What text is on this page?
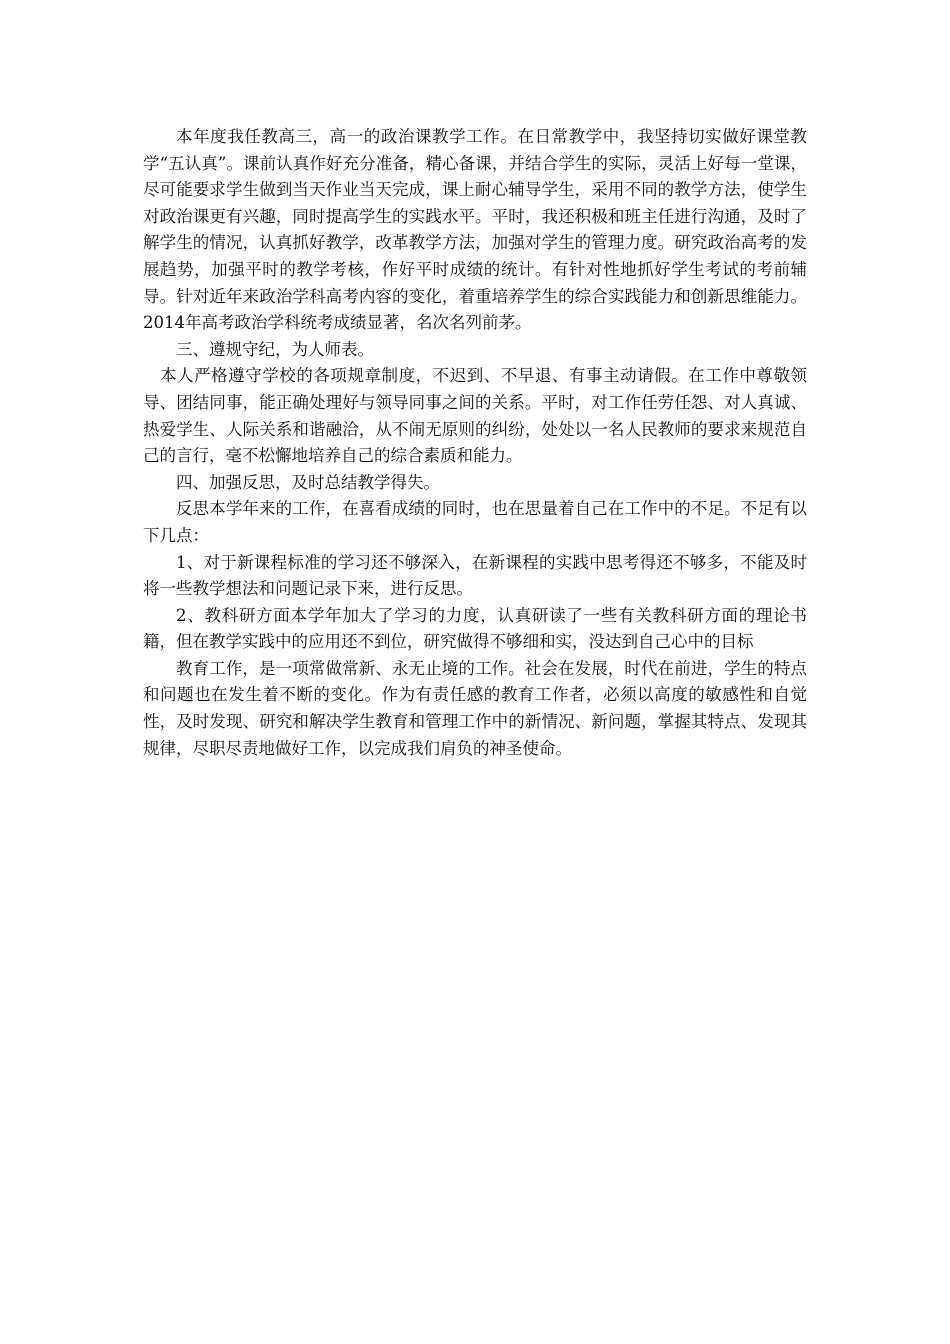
本年度我任教高三，高一的政治课教学工作。在日常教学中，我坚持切实做好课堂教学“五认真”。课前认真作好充分准备，精心备课，并结合学生的实际，灵活上好每一堂课，尽可能要求学生做到当天作业当天完成，课上耐心辅导学生，采用不同的教学方法，使学生对政治课更有兴趣，同时提高学生的实践水平。平时，我还积极和班主任进行沟通，及时了解学生的情况，认真抓好教学，改革教学方法，加强对学生的管理力度。研究政治高考的发展趋势，加强平时的教学考核，作好平时成绩的统计。有针对性地抓好学生考试的考前辅导。针对近年来政治学科高考内容的变化，着重培养学生的综合实践能力和创新思维能力。2014年高考政治学科统考成绩显著，名次名列前茅。

三、遵规守纪，为人师表。

本人严格遵守学校的各项规章制度，不迟到、不早退、有事主动请假。在工作中尊敬领导、团结同事，能正确处理好与领导同事之间的关系。平时，对工作任劳任怨、对人真诚、热爱学生、人际关系和谐融洽，从不闹无原则的纠纷，处处以一名人民教师的要求来规范自己的言行，毫不松懈地培养自己的综合素质和能力。

四、加强反思，及时总结教学得失。

反思本学年来的工作，在喜看成绩的同时，也在思量着自己在工作中的不足。不足有以下几点：

1、对于新课程标准的学习还不够深入，在新课程的实践中思考得还不够多，不能及时将一些教学想法和问题记录下来，进行反思。

2、教科研方面本学年加大了学习的力度，认真研读了一些有关教科研方面的理论书籍，但在教学实践中的应用还不到位，研究做得不够细和实，没达到自己心中的目标

教育工作，是一项常做常新、永无止境的工作。社会在发展，时代在前进，学生的特点和问题也在发生着不断的变化。作为有责任感的教育工作者，必须以高度的敏感性和自觉性，及时发现、研究和解决学生教育和管理工作中的新情况、新问题，掌握其特点、发现其规律，尽职尽责地做好工作，以完成我们肩负的神圣使命。
